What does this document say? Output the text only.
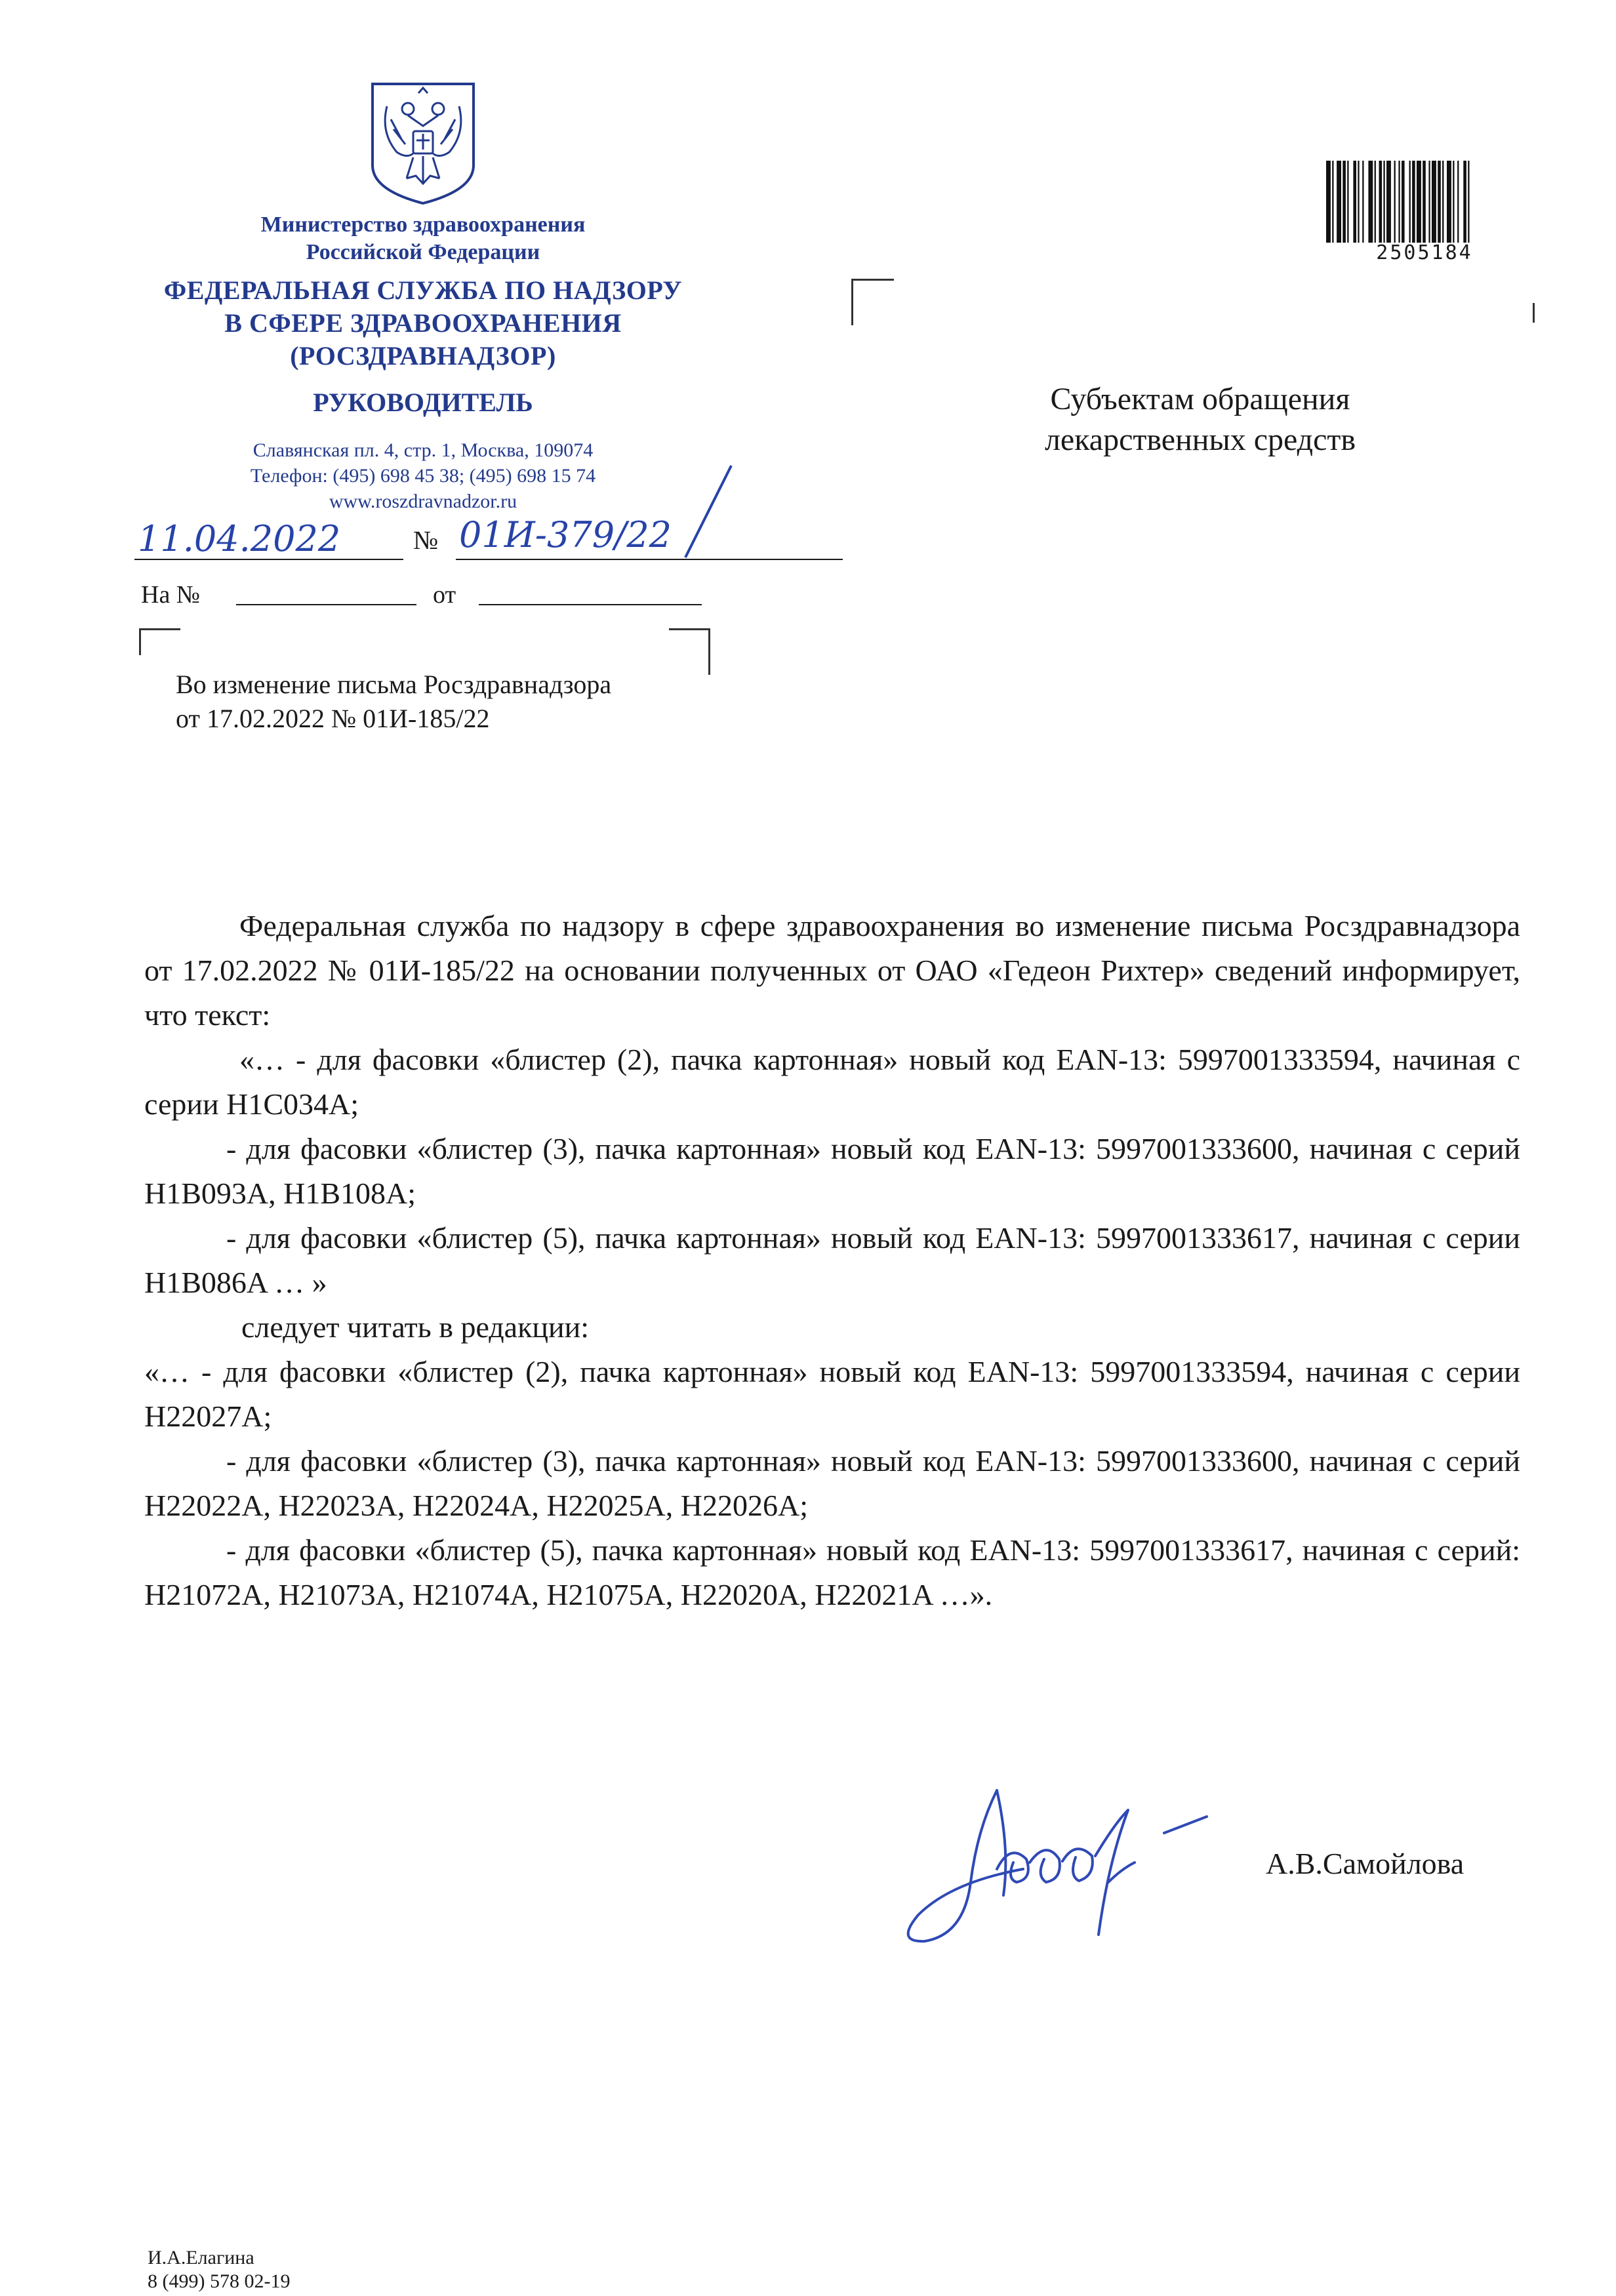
Министерство здравоохранения
Российской Федерации
ФЕДЕРАЛЬНАЯ СЛУЖБА ПО НАДЗОРУ
В СФЕРЕ ЗДРАВООХРАНЕНИЯ
(РОСЗДРАВНАДЗОР)
РУКОВОДИТЕЛЬ
Славянская пл. 4, стр. 1, Москва, 109074
Телефон: (495) 698 45 38; (495) 698 15 74
www.roszdravnadzor.ru
11.04.2022	№ 01И-379/22
На №	от
Во изменение письма Росздравнадзора
от 17.02.2022 № 01И-185/22
Субъектам обращения
лекарственных средств
2505184

Федеральная служба по надзору в сфере здравоохранения во изменение письма Росздравнадзора от 17.02.2022 № 01И-185/22 на основании полученных от ОАО «Гедеон Рихтер» сведений информирует, что текст:

«… - для фасовки «блистер (2), пачка картонная» новый код EAN-13: 5997001333594, начиная с серии H1C034A;

- для фасовки «блистер (3), пачка картонная» новый код EAN-13: 5997001333600, начиная с серий H1B093A, H1B108A;

- для фасовки «блистер (5), пачка картонная» новый код EAN-13: 5997001333617, начиная с серии H1B086A … »

следует читать в редакции:

«… - для фасовки «блистер (2), пачка картонная» новый код EAN-13: 5997001333594, начиная с серии H22027A;

- для фасовки «блистер (3), пачка картонная» новый код EAN-13: 5997001333600, начиная с серий H22022A, H22023A, H22024A, H22025A, H22026A;

- для фасовки «блистер (5), пачка картонная» новый код EAN-13: 5997001333617, начиная с серий: H21072A, H21073A, H21074A, H21075A, H22020A, H22021A …».

А.В.Самойлова
И.А.Елагина
8 (499) 578 02-19
